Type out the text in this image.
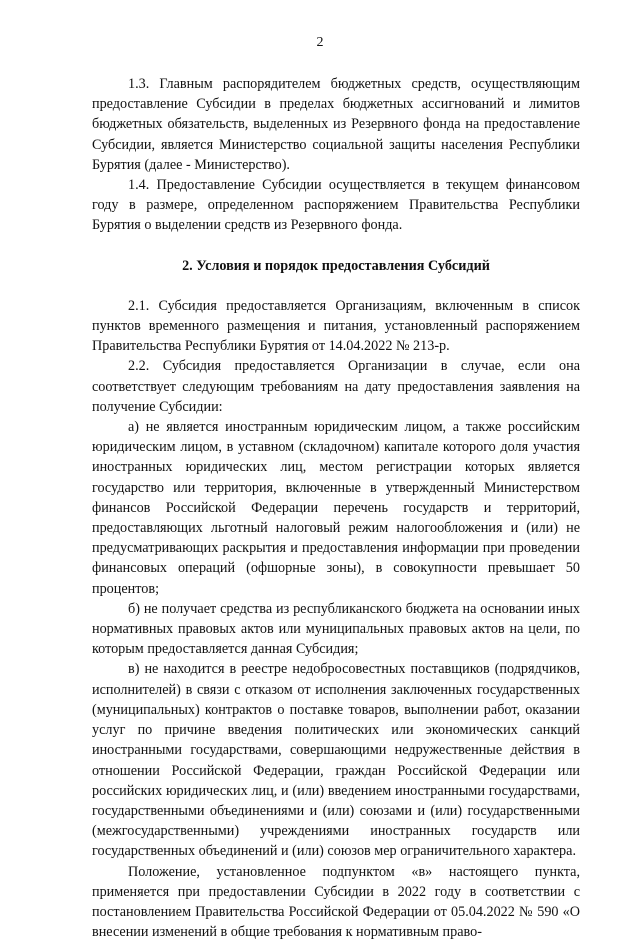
2

1.3. Главным распорядителем бюджетных средств, осуществляющим предоставление Субсидии в пределах бюджетных ассигнований и лимитов бюджетных обязательств, выделенных из Резервного фонда на предоставление Субсидии, является Министерство социальной защиты населения Республики Бурятия (далее - Министерство).

1.4. Предоставление Субсидии осуществляется в текущем финансовом году в размере, определенном распоряжением Правительства Республики Бурятия о выделении средств из Резервного фонда.

2. Условия и порядок предоставления Субсидий

2.1. Субсидия предоставляется Организациям, включенным в список пунктов временного размещения и питания, установленный распоряжением Правительства Республики Бурятия от 14.04.2022 № 213-р.

2.2. Субсидия предоставляется Организации в случае, если она соответствует следующим требованиям на дату предоставления заявления на получение Субсидии:

а) не является иностранным юридическим лицом, а также российским юридическим лицом, в уставном (складочном) капитале которого доля участия иностранных юридических лиц, местом регистрации которых является государство или территория, включенные в утвержденный Министерством финансов Российской Федерации перечень государств и территорий, предоставляющих льготный налоговый режим налогообложения и (или) не предусматривающих раскрытия и предоставления информации при проведении финансовых операций (офшорные зоны), в совокупности превышает 50 процентов;

б) не получает средства из республиканского бюджета на основании иных нормативных правовых актов или муниципальных правовых актов на цели, по которым предоставляется данная Субсидия;

в) не находится в реестре недобросовестных поставщиков (подрядчиков, исполнителей) в связи с отказом от исполнения заключенных государственных (муниципальных) контрактов о поставке товаров, выполнении работ, оказании услуг по причине введения политических или экономических санкций иностранными государствами, совершающими недружественные действия в отношении Российской Федерации, граждан Российской Федерации или российских юридических лиц, и (или) введением иностранными государствами, государственными объединениями и (или) союзами и (или) государственными (межгосударственными) учреждениями иностранных государств или государственных объединений и (или) союзов мер ограничительного характера.

Положение, установленное подпунктом «в» настоящего пункта, применяется при предоставлении Субсидии в 2022 году в соответствии с постановлением Правительства Российской Федерации от 05.04.2022 № 590 «О внесении изменений в общие требования к нормативным право-
